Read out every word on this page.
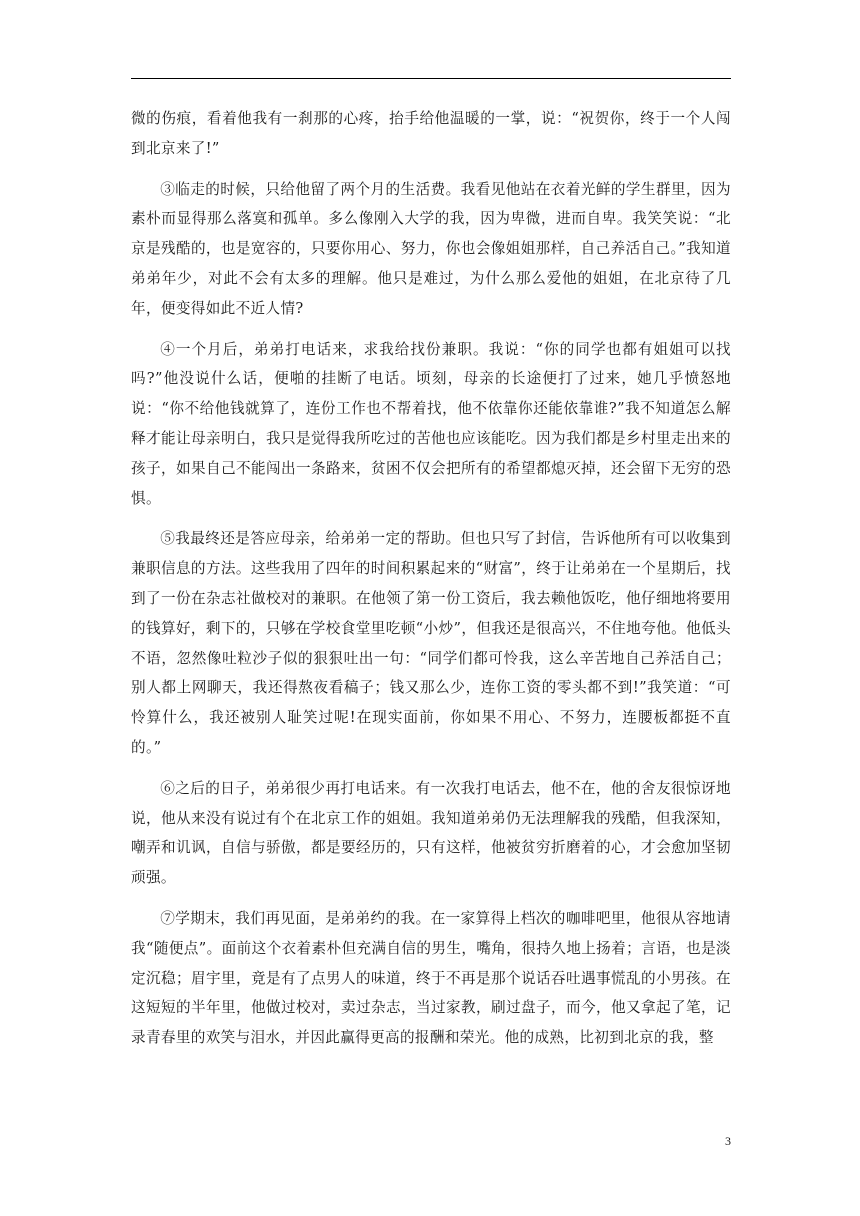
微的伤痕，看着他我有一刹那的心疼，抬手给他温暖的一掌，说：“祝贺你，终于一个人闯到北京来了!”

③临走的时候，只给他留了两个月的生活费。我看见他站在衣着光鲜的学生群里，因为素朴而显得那么落寞和孤单。多么像刚入大学的我，因为卑微，进而自卑。我笑笑说：“北京是残酷的，也是宽容的，只要你用心、努力，你也会像姐姐那样，自己养活自己。”我知道弟弟年少，对此不会有太多的理解。他只是难过，为什么那么爱他的姐姐，在北京待了几年，便变得如此不近人情?

④一个月后，弟弟打电话来，求我给找份兼职。我说：“你的同学也都有姐姐可以找吗?”他没说什么话，便啪的挂断了电话。顷刻，母亲的长途便打了过来，她几乎愤怒地说：“你不给他钱就算了，连份工作也不帮着找，他不依靠你还能依靠谁?”我不知道怎么解释才能让母亲明白，我只是觉得我所吃过的苦他也应该能吃。因为我们都是乡村里走出来的孩子，如果自己不能闯出一条路来，贫困不仅会把所有的希望都熄灭掉，还会留下无穷的恐惧。

⑤我最终还是答应母亲，给弟弟一定的帮助。但也只写了封信，告诉他所有可以收集到兼职信息的方法。这些我用了四年的时间积累起来的“财富”，终于让弟弟在一个星期后，找到了一份在杂志社做校对的兼职。在他领了第一份工资后，我去赖他饭吃，他仔细地将要用的钱算好，剩下的，只够在学校食堂里吃顿“小炒”，但我还是很高兴，不住地夸他。他低头不语，忽然像吐粒沙子似的狠狠吐出一句：“同学们都可怜我，这么辛苦地自己养活自己；别人都上网聊天，我还得熬夜看稿子；钱又那么少，连你工资的零头都不到!”我笑道：“可怜算什么，我还被别人耻笑过呢!在现实面前，你如果不用心、不努力，连腰板都挺不直的。”

⑥之后的日子，弟弟很少再打电话来。有一次我打电话去，他不在，他的舍友很惊讶地说，他从来没有说过有个在北京工作的姐姐。我知道弟弟仍无法理解我的残酷，但我深知，嘲弄和讥讽，自信与骄傲，都是要经历的，只有这样，他被贫穷折磨着的心，才会愈加坚韧顽强。

⑦学期末，我们再见面，是弟弟约的我。在一家算得上档次的咖啡吧里，他很从容地请我“随便点”。面前这个衣着素朴但充满自信的男生，嘴角，很持久地上扬着；言语，也是淡定沉稳；眉宇里，竟是有了点男人的味道，终于不再是那个说话吞吐遇事慌乱的小男孩。在这短短的半年里，他做过校对，卖过杂志，当过家教，刷过盘子，而今，他又拿起了笔，记录青春里的欢笑与泪水，并因此赢得更高的报酬和荣光。他的成熟，比初到北京的我，整

3
